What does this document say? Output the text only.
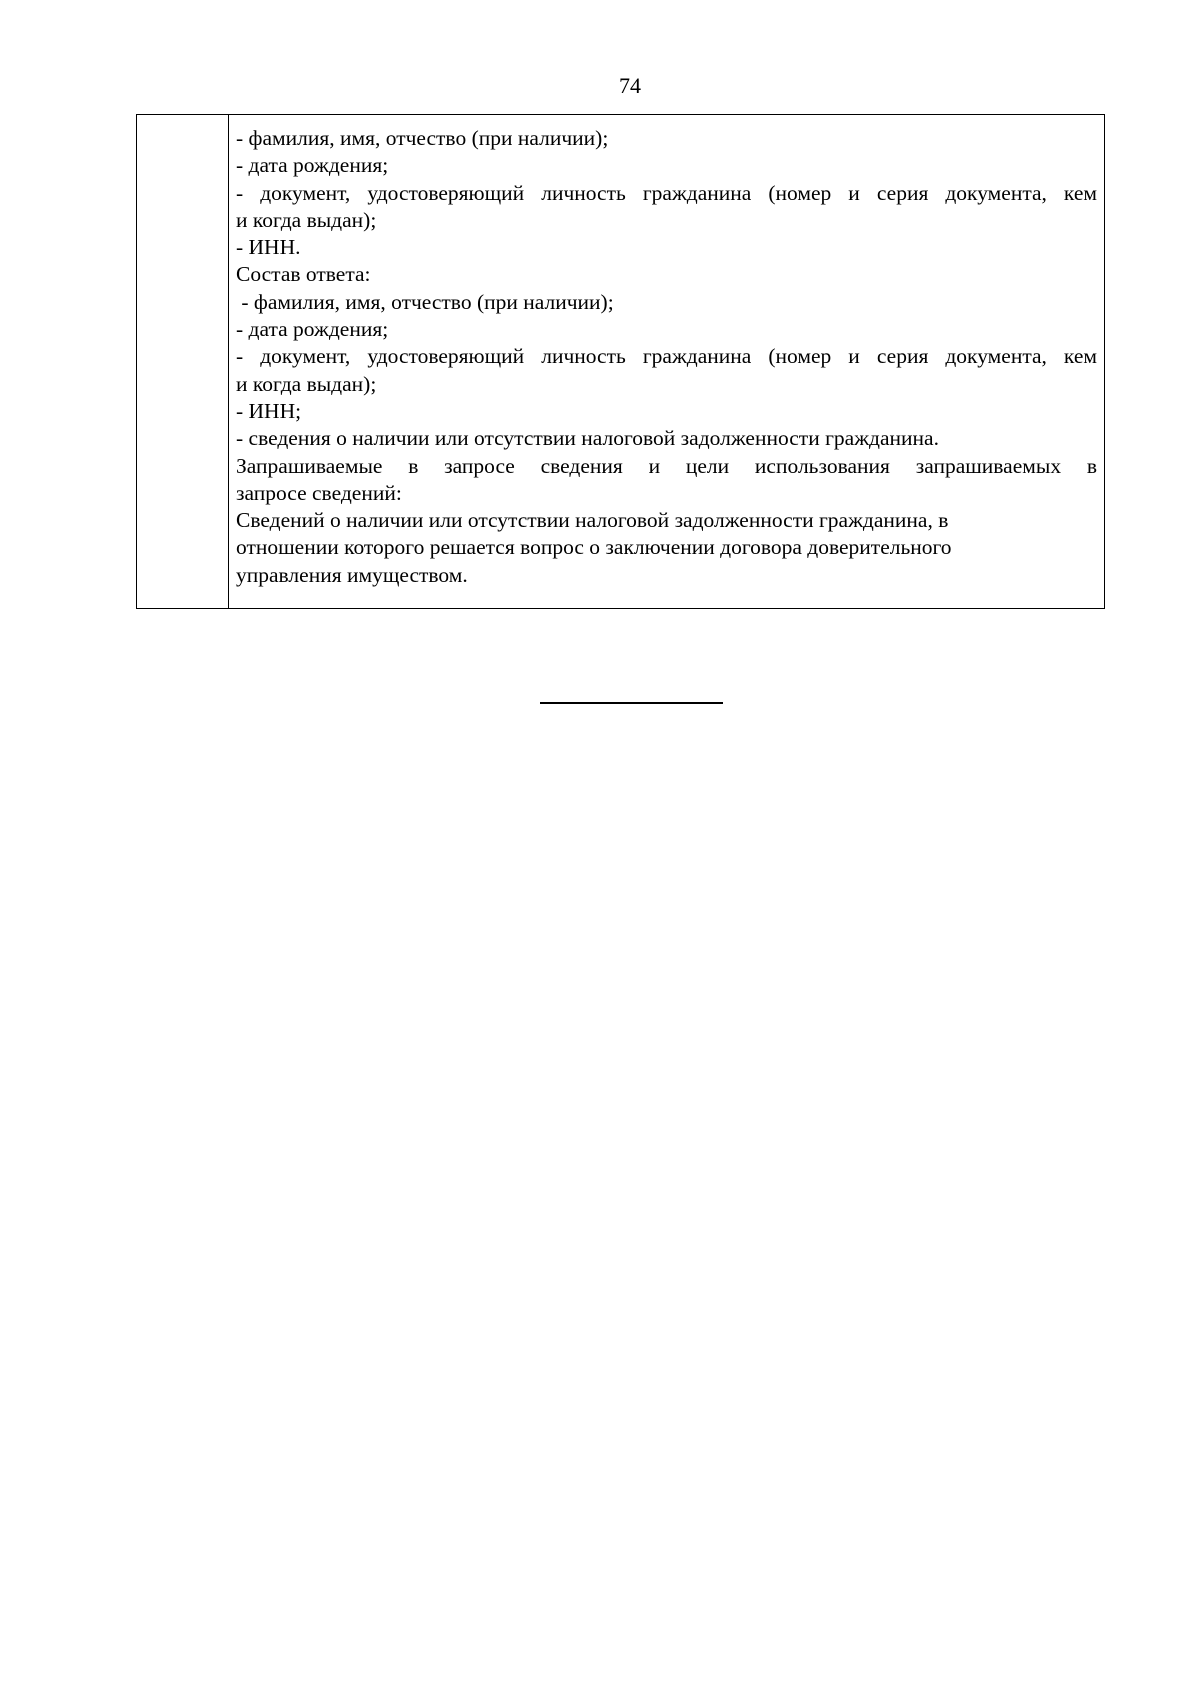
74
- фамилия, имя, отчество (при наличии);
- дата рождения;
- документ, удостоверяющий личность гражданина (номер и серия документа, кем
и когда выдан);
- ИНН.
Состав ответа:
- фамилия, имя, отчество (при наличии);
- дата рождения;
- документ, удостоверяющий личность гражданина (номер и серия документа, кем
и когда выдан);
- ИНН;
- сведения о наличии или отсутствии налоговой задолженности гражданина.
Запрашиваемые в запросе сведения и цели использования запрашиваемых в
запросе сведений:
Сведений о наличии или отсутствии налоговой задолженности гражданина, в
отношении которого решается вопрос о заключении договора доверительного
управления имуществом.
